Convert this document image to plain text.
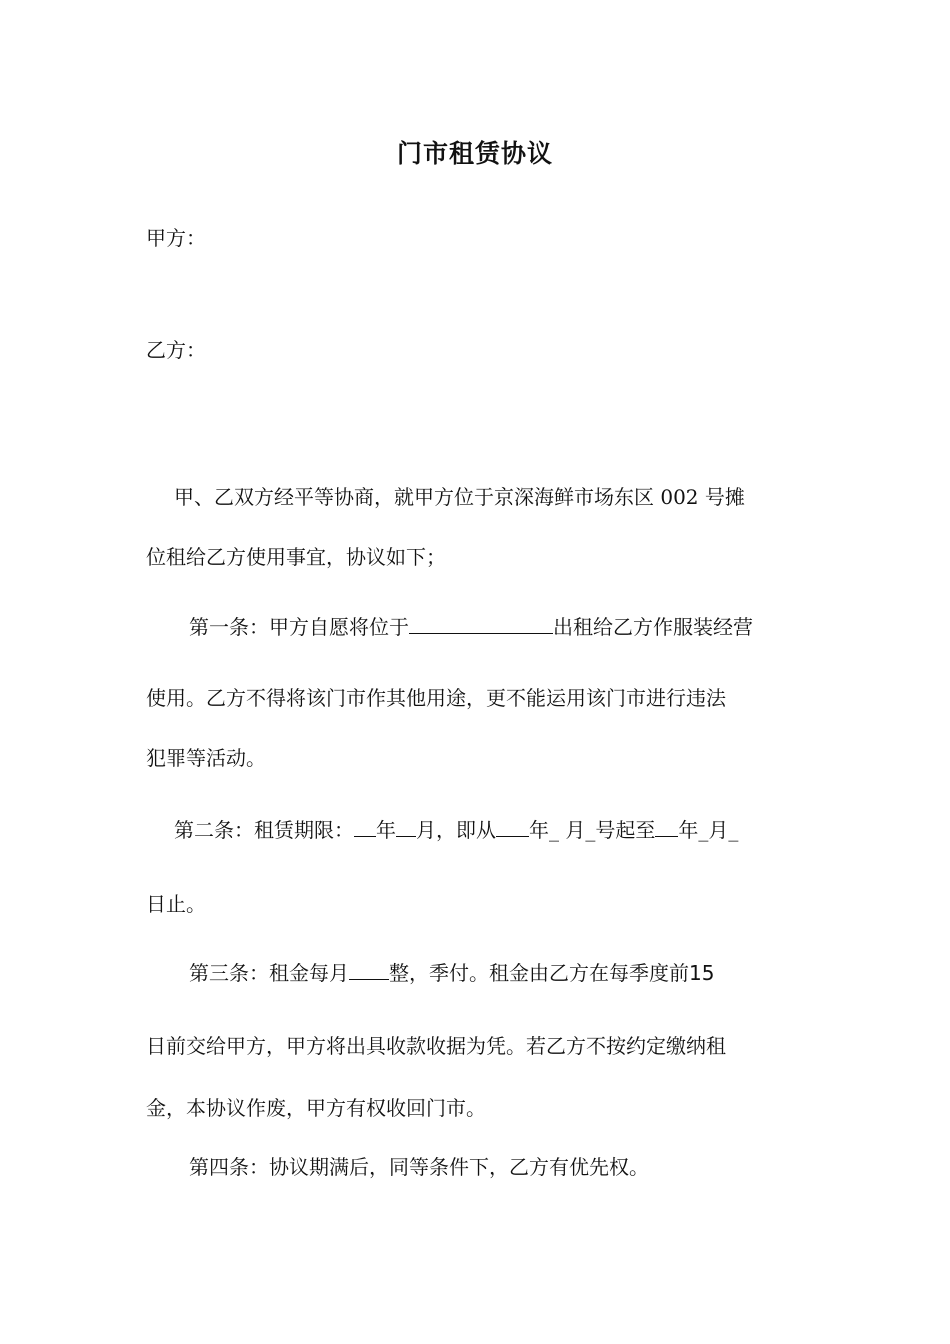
门市租赁协议
甲方：
乙方：
甲、乙双方经平等协商，就甲方位于京深海鲜市场东区 002 号摊
位租给乙方使用事宜，协议如下；
第一条：甲方自愿将位于	出租给乙方作服装经营
使用。乙方不得将该门市作其他用途，更不能运用该门市进行违法
犯罪等活动。
第二条：租赁期限： 年 月，即从 年_ 月_号起至 年_月_
日止。
第三条：租金每月 整，季付。租金由乙方在每季度前15
日前交给甲方，甲方将出具收款收据为凭。若乙方不按约定缴纳租
金，本协议作废，甲方有权收回门市。
第四条：协议期满后，同等条件下，乙方有优先权。
